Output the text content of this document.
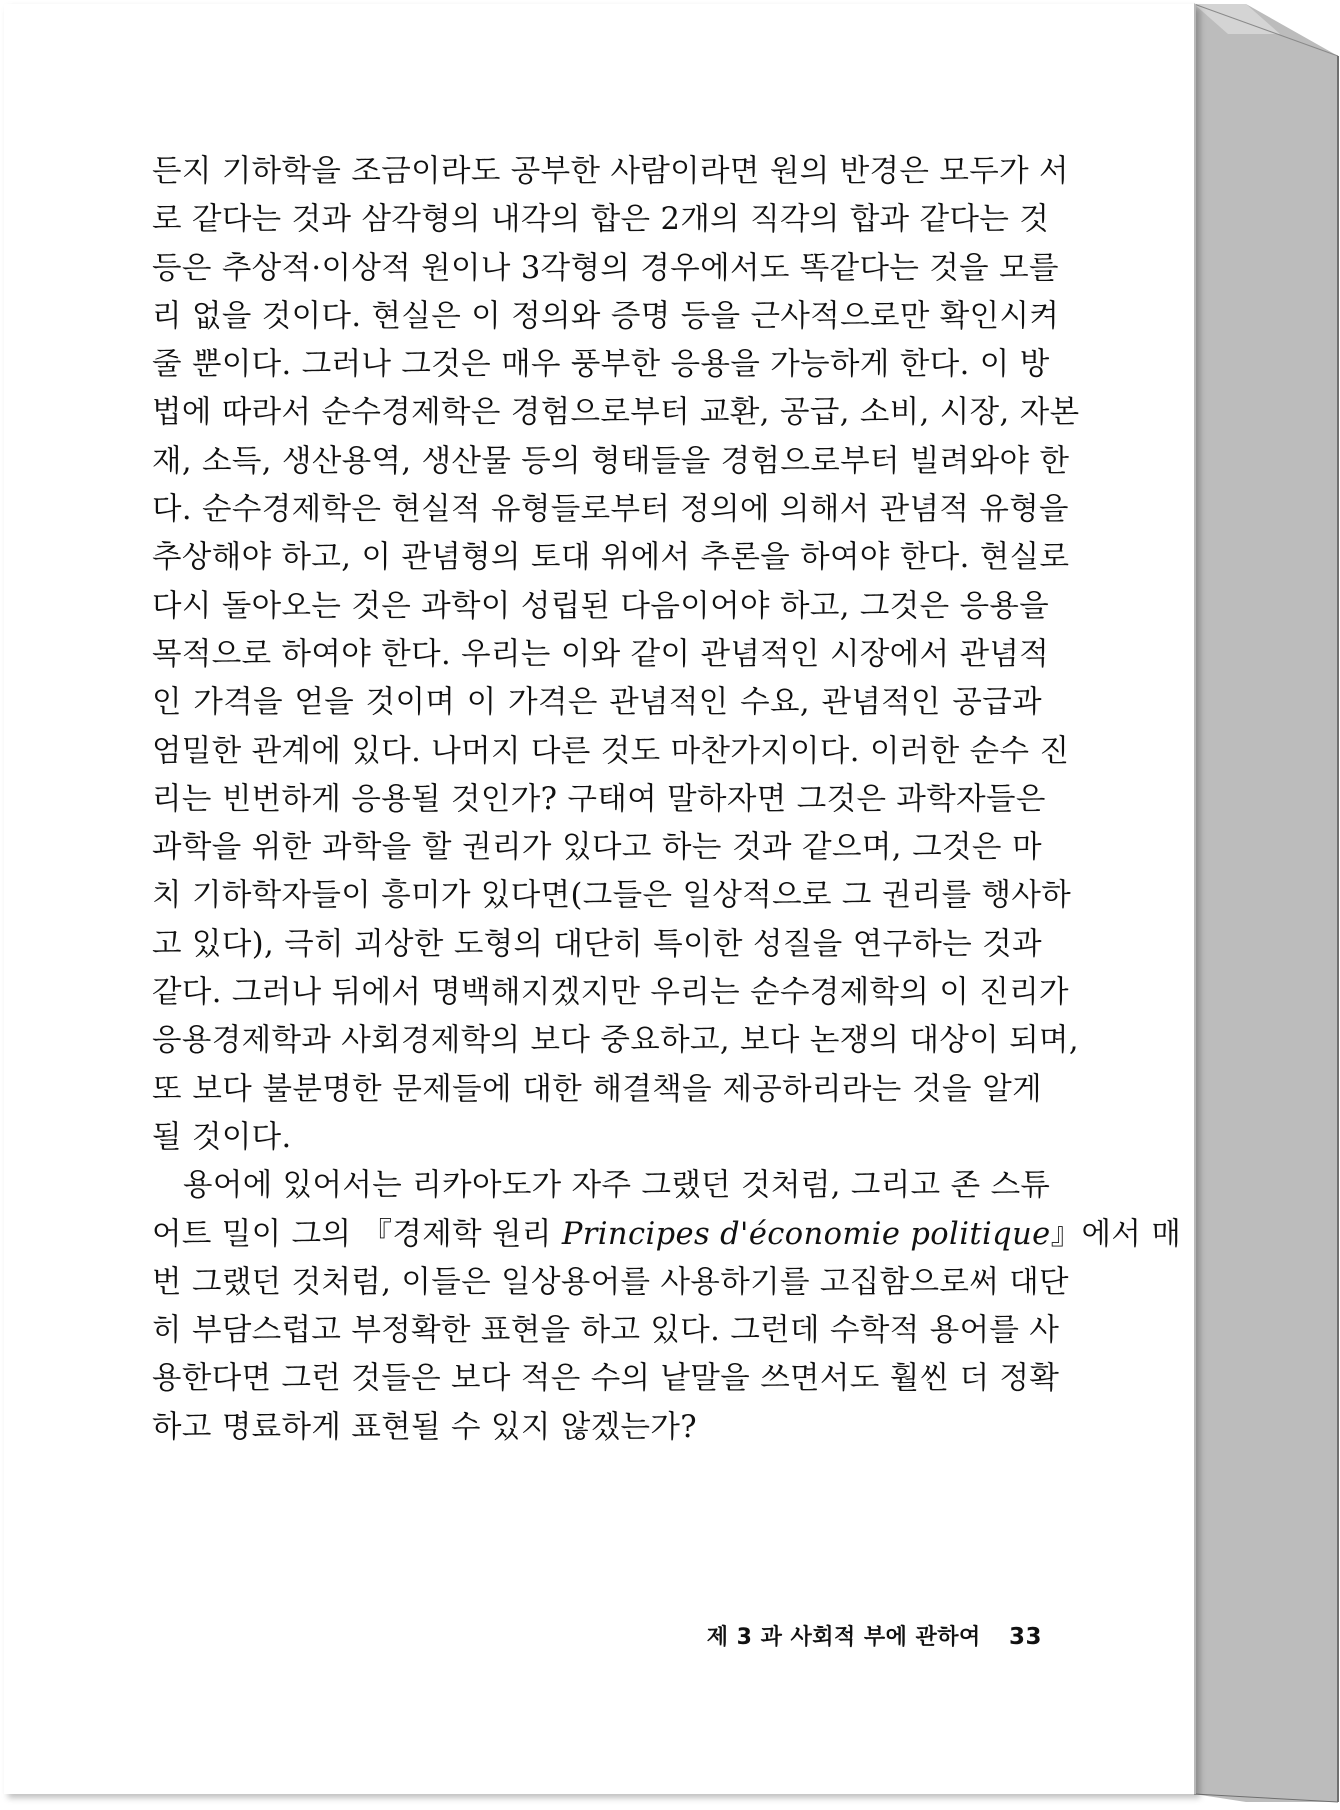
든지 기하학을 조금이라도 공부한 사람이라면 원의 반경은 모두가 서
로 같다는 것과 삼각형의 내각의 합은 2개의 직각의 합과 같다는 것
등은 추상적·이상적 원이나 3각형의 경우에서도 똑같다는 것을 모를
리 없을 것이다. 현실은 이 정의와 증명 등을 근사적으로만 확인시켜
줄 뿐이다. 그러나 그것은 매우 풍부한 응용을 가능하게 한다. 이 방
법에 따라서 순수경제학은 경험으로부터 교환, 공급, 소비, 시장, 자본
재, 소득, 생산용역, 생산물 등의 형태들을 경험으로부터 빌려와야 한
다. 순수경제학은 현실적 유형들로부터 정의에 의해서 관념적 유형을
추상해야 하고, 이 관념형의 토대 위에서 추론을 하여야 한다. 현실로
다시 돌아오는 것은 과학이 성립된 다음이어야 하고, 그것은 응용을
목적으로 하여야 한다. 우리는 이와 같이 관념적인 시장에서 관념적
인 가격을 얻을 것이며 이 가격은 관념적인 수요, 관념적인 공급과
엄밀한 관계에 있다. 나머지 다른 것도 마찬가지이다. 이러한 순수 진
리는 빈번하게 응용될 것인가? 구태여 말하자면 그것은 과학자들은
과학을 위한 과학을 할 권리가 있다고 하는 것과 같으며, 그것은 마
치 기하학자들이 흥미가 있다면(그들은 일상적으로 그 권리를 행사하
고 있다), 극히 괴상한 도형의 대단히 특이한 성질을 연구하는 것과
같다. 그러나 뒤에서 명백해지겠지만 우리는 순수경제학의 이 진리가
응용경제학과 사회경제학의 보다 중요하고, 보다 논쟁의 대상이 되며,
또 보다 불분명한 문제들에 대한 해결책을 제공하리라는 것을 알게
될 것이다.

용어에 있어서는 리카아도가 자주 그랬던 것처럼, 그리고 존 스튜
어트 밀이 그의 『경제학 원리 Principes d'économie politique』에서 매
번 그랬던 것처럼, 이들은 일상용어를 사용하기를 고집함으로써 대단
히 부담스럽고 부정확한 표현을 하고 있다. 그런데 수학적 용어를 사
용한다면 그런 것들은 보다 적은 수의 낱말을 쓰면서도 훨씬 더 정확
하고 명료하게 표현될 수 있지 않겠는가?

제 3 과 사회적 부에 관하여 33
